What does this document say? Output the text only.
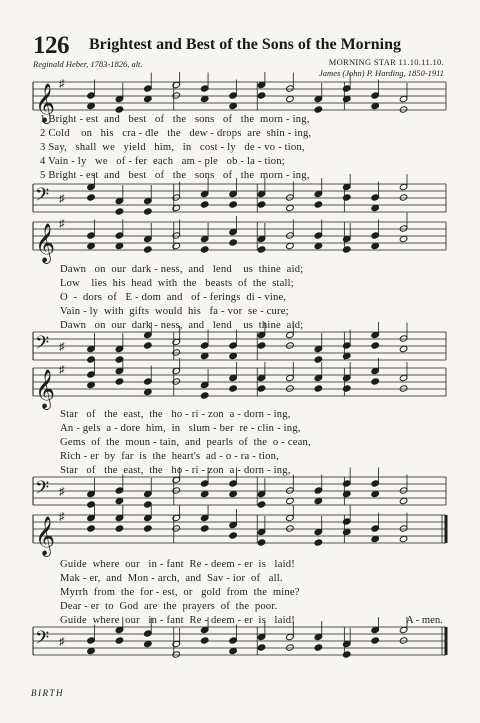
126 Brightest and Best of the Sons of the Morning
Reginald Heber, 1783-1826, alt.	MORNING STAR 11.10.11.10.
James (John) P. Harding, 1850-1911
𝄞 ♯
1 Bright - est  and   best   of   the   sons   of   the  morn - ing,
2 Cold    on   his   cra - dle   the   dew - drops  are  shin - ing,
3 Say,   shall  we   yield   him,   in   cost - ly   de - vo - tion,
4 Vain - ly   we   of - fer  each   am - ple   ob - la - tion;
5 Bright - est  and   best   of   the   sons   of   the  morn - ing,
𝄢 ♯
𝄞 ♯
Dawn   on  our  dark - ness,  and   lend    us  thine  aid;
Low    lies  his  head  with  the   beasts  of  the  stall;
O  -  dors  of   E - dom  and   of - ferings  di - vine,
Vain - ly  with  gifts  would  his   fa - vor  se - cure;
Dawn   on  our  dark - ness,  and   lend    us  thine  aid;
𝄢 ♯
𝄞 ♯
Star   of   the  east,  the   ho - ri - zon  a - dorn - ing,
An - gels  a - dore  him,  in   slum - ber  re - clin - ing,
Gems  of  the  moun - tain,  and  pearls  of  the  o - cean,
Rich - er  by  far  is  the  heart's  ad - o - ra - tion,
Star   of   the  east,  the   ho - ri - zon  a - dorn - ing,
𝄢 ♯
𝄞 ♯
Guide  where  our   in - fant  Re - deem - er  is   laid!
Mak - er,  and  Mon - arch,  and  Sav - ior  of   all.
Myrrh  from  the  for - est,  or   gold  from  the  mine?
Dear - er  to  God  are  the  prayers  of  the  poor.
Guide  where  our   in - fant  Re - deem - er  is   laid!	A - men.
𝄢 ♯
BIRTH
